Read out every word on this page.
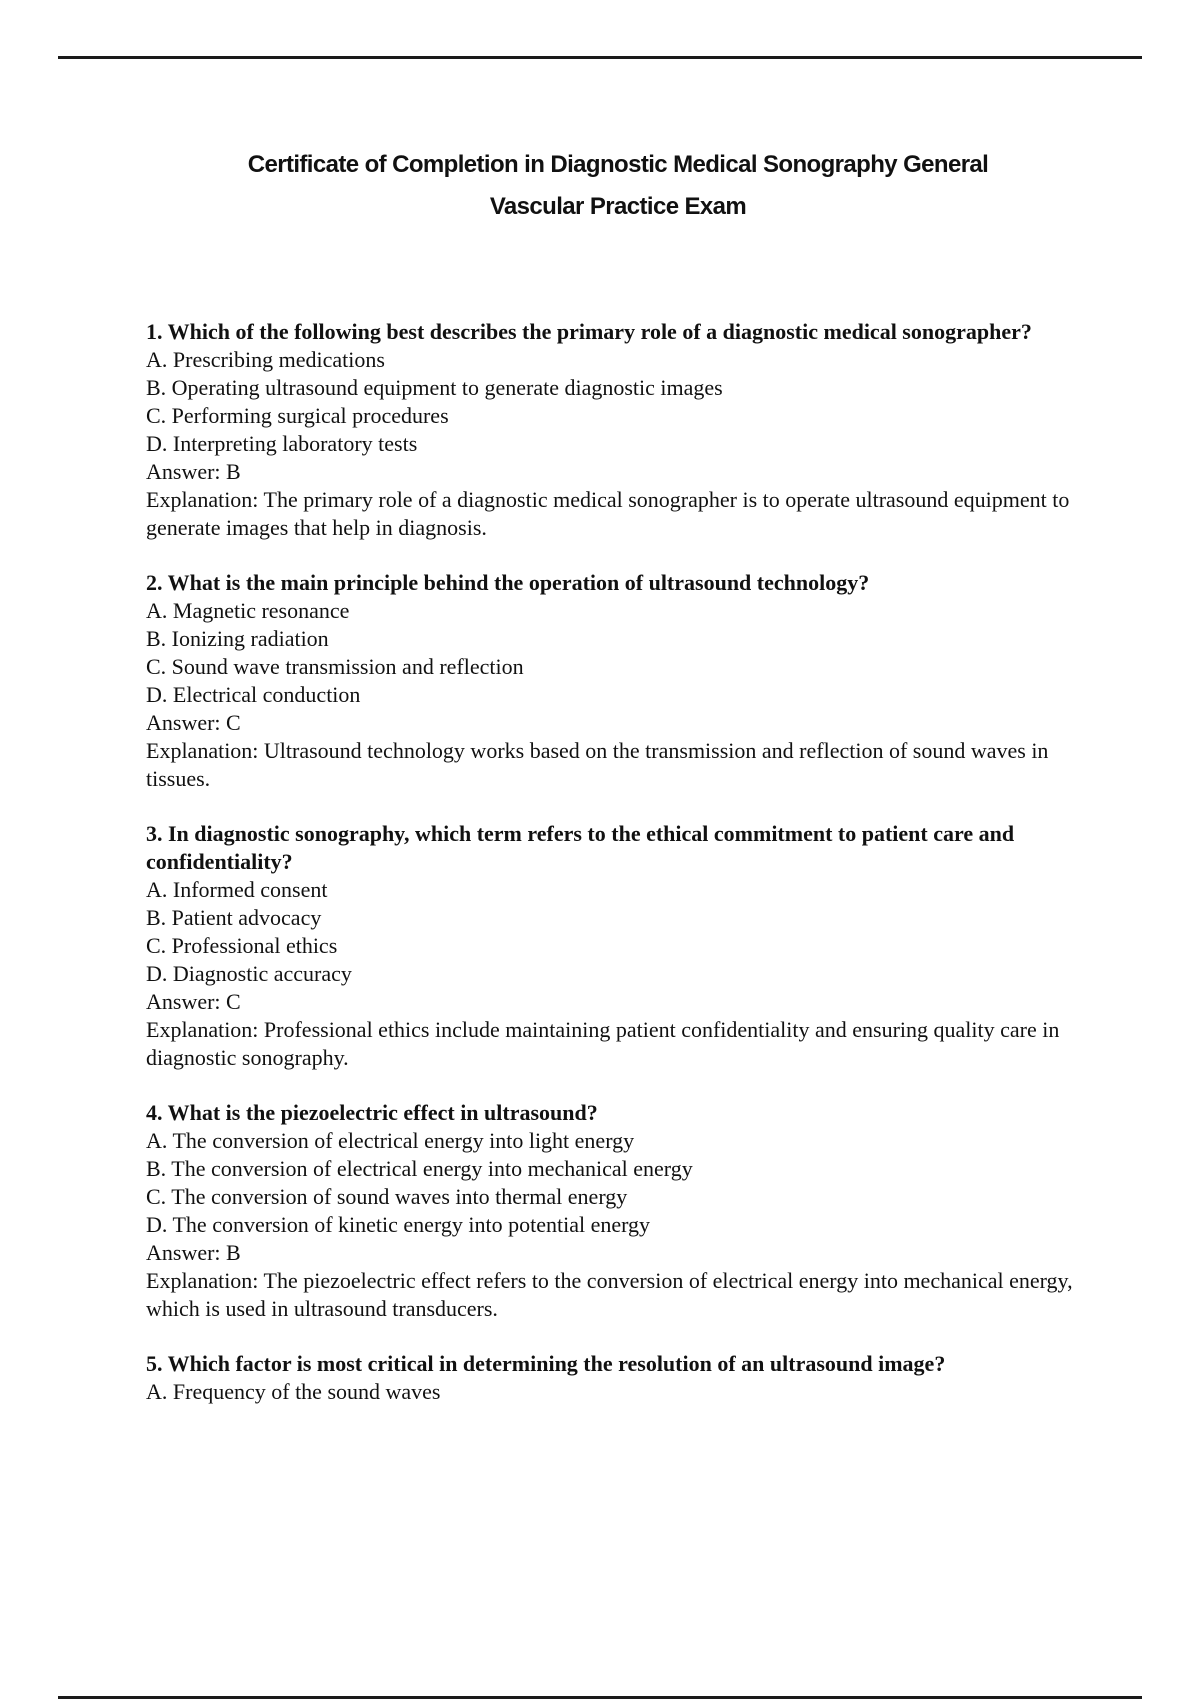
Certificate of Completion in Diagnostic Medical Sonography General
Vascular Practice Exam
1. Which of the following best describes the primary role of a diagnostic medical sonographer?
A. Prescribing medications
B. Operating ultrasound equipment to generate diagnostic images
C. Performing surgical procedures
D. Interpreting laboratory tests
Answer: B
Explanation: The primary role of a diagnostic medical sonographer is to operate ultrasound equipment to generate images that help in diagnosis.
2. What is the main principle behind the operation of ultrasound technology?
A. Magnetic resonance
B. Ionizing radiation
C. Sound wave transmission and reflection
D. Electrical conduction
Answer: C
Explanation: Ultrasound technology works based on the transmission and reflection of sound waves in tissues.
3. In diagnostic sonography, which term refers to the ethical commitment to patient care and confidentiality?
A. Informed consent
B. Patient advocacy
C. Professional ethics
D. Diagnostic accuracy
Answer: C
Explanation: Professional ethics include maintaining patient confidentiality and ensuring quality care in diagnostic sonography.
4. What is the piezoelectric effect in ultrasound?
A. The conversion of electrical energy into light energy
B. The conversion of electrical energy into mechanical energy
C. The conversion of sound waves into thermal energy
D. The conversion of kinetic energy into potential energy
Answer: B
Explanation: The piezoelectric effect refers to the conversion of electrical energy into mechanical energy, which is used in ultrasound transducers.
5. Which factor is most critical in determining the resolution of an ultrasound image?
A. Frequency of the sound waves
